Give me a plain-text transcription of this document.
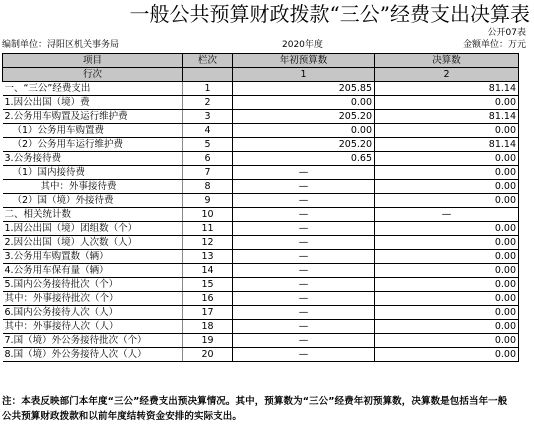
一般公共预算财政拨款“三公”经费支出决算表
公开07表
编制单位：浔阳区机关事务局	2020年度	金额单位：万元
项目	栏次	年初预算数	决算数
行次		1	2
一、“三公”经费支出	1	205.85	81.14
1.因公出国（境）费	2	0.00	0.00
2.公务用车购置及运行维护费	3	205.20	81.14
（1）公务用车购置费	4	0.00	0.00
（2）公务用车运行维护费	5	205.20	81.14
3.公务接待费	6	0.65	0.00
（1）国内接待费	7	—	0.00
其中：外事接待费	8	—	0.00
（2）国（境）外接待费	9	—	0.00
二、相关统计数	10	—	—
1.因公出国（境）团组数（个）	11	—	0.00
2.因公出国（境）人次数（人）	12	—	0.00
3.公务用车购置数（辆）	13	—	0.00
4.公务用车保有量（辆）	14	—	0.00
5.国内公务接待批次（个）	15	—	0.00
其中：外事接待批次（个）	16	—	0.00
6.国内公务接待人次（人）	17	—	0.00
其中：外事接待人次（人）	18	—	0.00
7.国（境）外公务接待批次（个）	19	—	0.00
8.国（境）外公务接待人次（人）	20	—	0.00
注：本表反映部门本年度“三公”经费支出预决算情况。其中，预算数为“三公”经费年初预算数，决算数是包括当年一般公共预算财政拨款和以前年度结转资金安排的实际支出。
